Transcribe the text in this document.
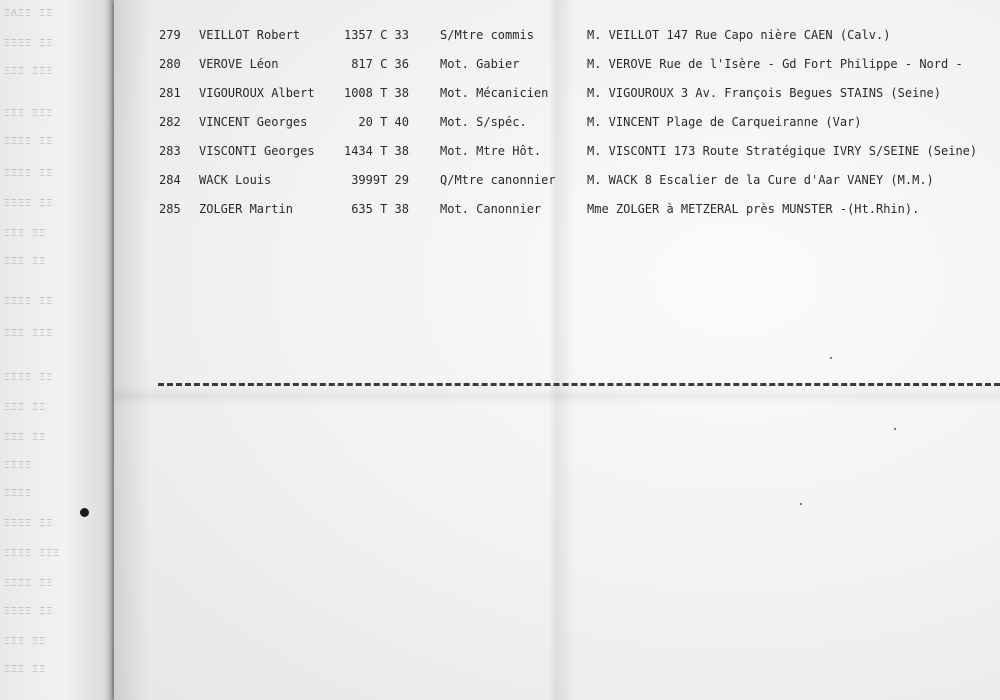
ΞΛΞΞ ΞΞ
ΞΞΞΞ ΞΞ
ΞΞΞ ΞΞΞ
ΞΞΞ ΞΞΞ
ΞΞΞΞ ΞΞ
ΞΞΞΞ ΞΞ
ΞΞΞΞ ΞΞ
ΞΞΞ ΞΞ
ΞΞΞ ΞΞ
ΞΞΞΞ ΞΞ
ΞΞΞ ΞΞΞ
ΞΞΞΞ ΞΞ
ΞΞΞ ΞΞ
ΞΞΞ ΞΞ
ΞΞΞΞ
ΞΞΞΞ
ΞΞΞΞ ΞΞ
ΞΞΞΞ ΞΞΞ
ΞΞΞΞ ΞΞ
ΞΞΞΞ ΞΞ
ΞΞΞ ΞΞ
ΞΞΞ ΞΞ
279 VEILLOT Robert	1357 C 33	S/Mtre commis	M. VEILLOT 147 Rue Capo nière CAEN (Calv.)
280 VEROVE Léon	817 C 36	Mot. Gabier	M. VEROVE Rue de l'Isère - Gd Fort Philippe - Nord -
281 VIGOUROUX Albert	1008 T 38	Mot. Mécanicien	M. VIGOUROUX 3 Av. François Begues STAINS (Seine)
282 VINCENT Georges	20 T 40	Mot. S/spéc.	M. VINCENT Plage de Carqueiranne (Var)
283 VISCONTI Georges	1434 T 38	Mot. Mtre Hôt.	M. VISCONTI 173 Route Stratégique IVRY S/SEINE (Seine)
284 WACK Louis	3999T 29	Q/Mtre canonnier	M. WACK 8 Escalier de la Cure d'Aar VANEY (M.M.)
285 ZOLGER Martin	635 T 38	Mot. Canonnier	Mme ZOLGER à METZERAL près MUNSTER -(Ht.Rhin).
